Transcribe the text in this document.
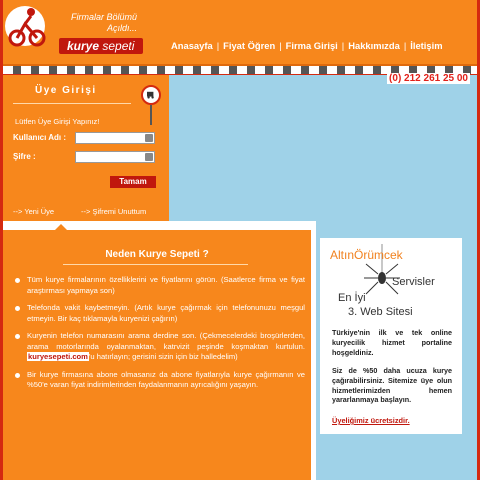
Firmalar Bölümü
Açıldı...
kurye sepeti	Anasayfa | Fiyat Öğren | Firma Girişi | Hakkımızda | İletişim
(0) 212 261 25 00
Üye Girişi
Lütfen Üye Girişi Yapınız!
Kullanıcı Adı :
Şifre :
Tamam
--> Yeni Üye	--> Şifremi Unuttum
Neden Kurye Sepeti ?
Tüm kurye firmalarının özelliklerini ve fiyatlarını görün. (Saatlerce firma ve fiyat araştırması yapmaya son)
Telefonda vakit kaybetmeyin. (Artık kurye çağırmak için telefonunuzu meşgul etmeyin. Bir kaç tıklamayla kuryenizi çağırın)
Kuryenin telefon numarasını arama derdine son. (Çekmecelerdeki broşürlerden, arama motorlarında oyalanmaktan, katrvizit peşinde koşmaktan kurtulun. kuryesepeti.com'u hatırlayın; gerisini sizin için biz halledelim)
Bir kurye firmasına abone olmasanız da abone fiyatlarıyla kurye çağırmanın ve %50'e varan fiyat indirimlerinden faydalanmanın ayrıcalığını yaşayın.
AltınÖrümcek
Servisler
En İyi
3. Web Sitesi
Türkiye'nin ilk ve tek online kuryecilik hizmet portaline hoşgeldiniz.
Siz de %50 daha ucuza kurye çağırabilirsiniz. Sitemize üye olun hizmetlerimizden hemen yararlanmaya başlayın.
Üyeliğimiz ücretsizdir.
